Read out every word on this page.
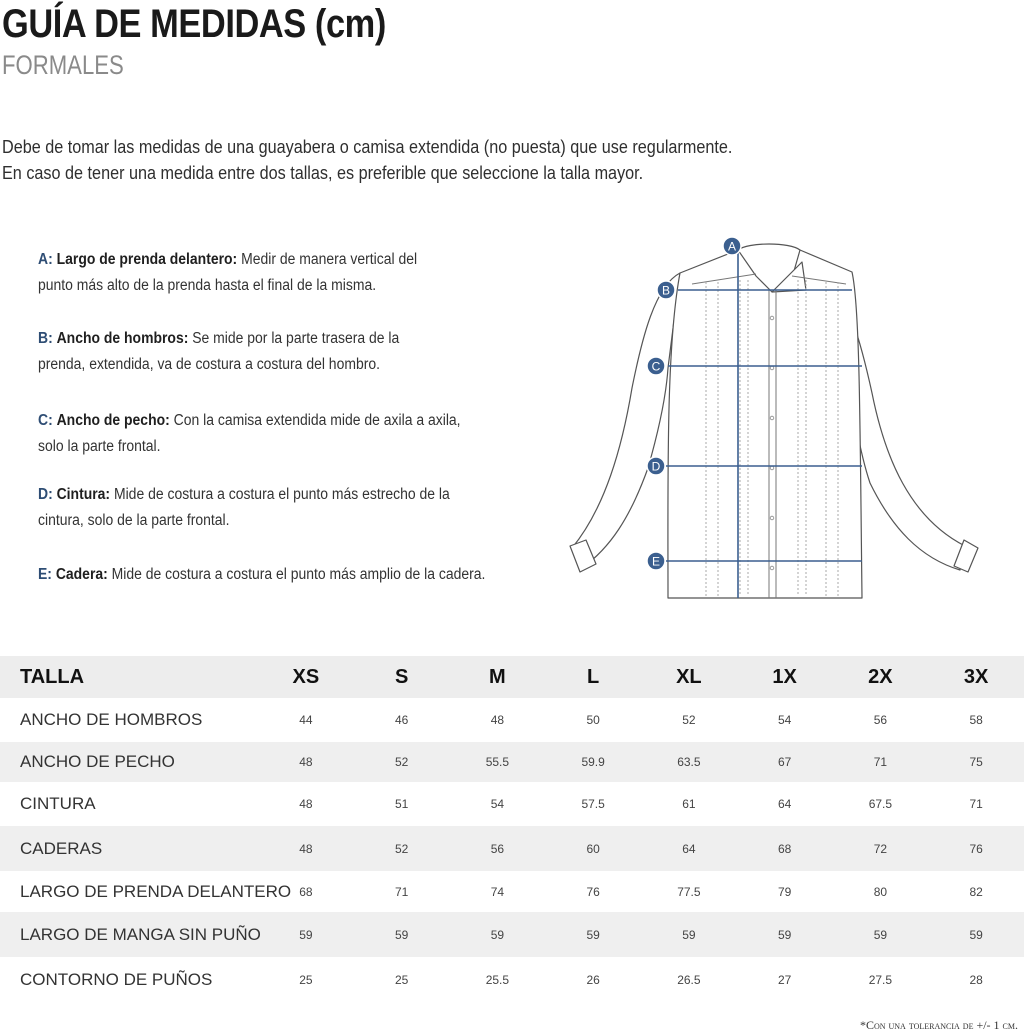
GUÍA DE MEDIDAS (cm)
FORMALES

Debe de tomar las medidas de una guayabera o camisa extendida (no puesta) que use regularmente.

En caso de tener una medida entre dos tallas, es preferible que seleccione la talla mayor.

A: Largo de prenda delantero: Medir de manera vertical del
punto más alto de la prenda hasta el final de la misma.
B: Ancho de hombros: Se mide por la parte trasera de la
prenda, extendida, va de costura a costura del hombro.
C: Ancho de pecho: Con la camisa extendida mide de axila a axila,
solo la parte frontal.
D: Cintura: Mide de costura a costura el punto más estrecho de la
cintura, solo de la parte frontal.
E: Cadera: Mide de costura a costura el punto más amplio de la cadera.
A
B
C
D
E
TALLA	XS	S	M	L	XL	1X	2X	3X
ANCHO DE HOMBROS	44	46	48	50	52	54	56	58
ANCHO DE PECHO	48	52	55.5	59.9	63.5	67	71	75
CINTURA	48	51	54	57.5	61	64	67.5	71
CADERAS	48	52	56	60	64	68	72	76
LARGO DE PRENDA DELANTERO	68	71	74	76	77.5	79	80	82
LARGO DE MANGA SIN PUÑO	59	59	59	59	59	59	59	59
CONTORNO DE PUÑOS	25	25	25.5	26	26.5	27	27.5	28
*Con una tolerancia de +/- 1 cm.
